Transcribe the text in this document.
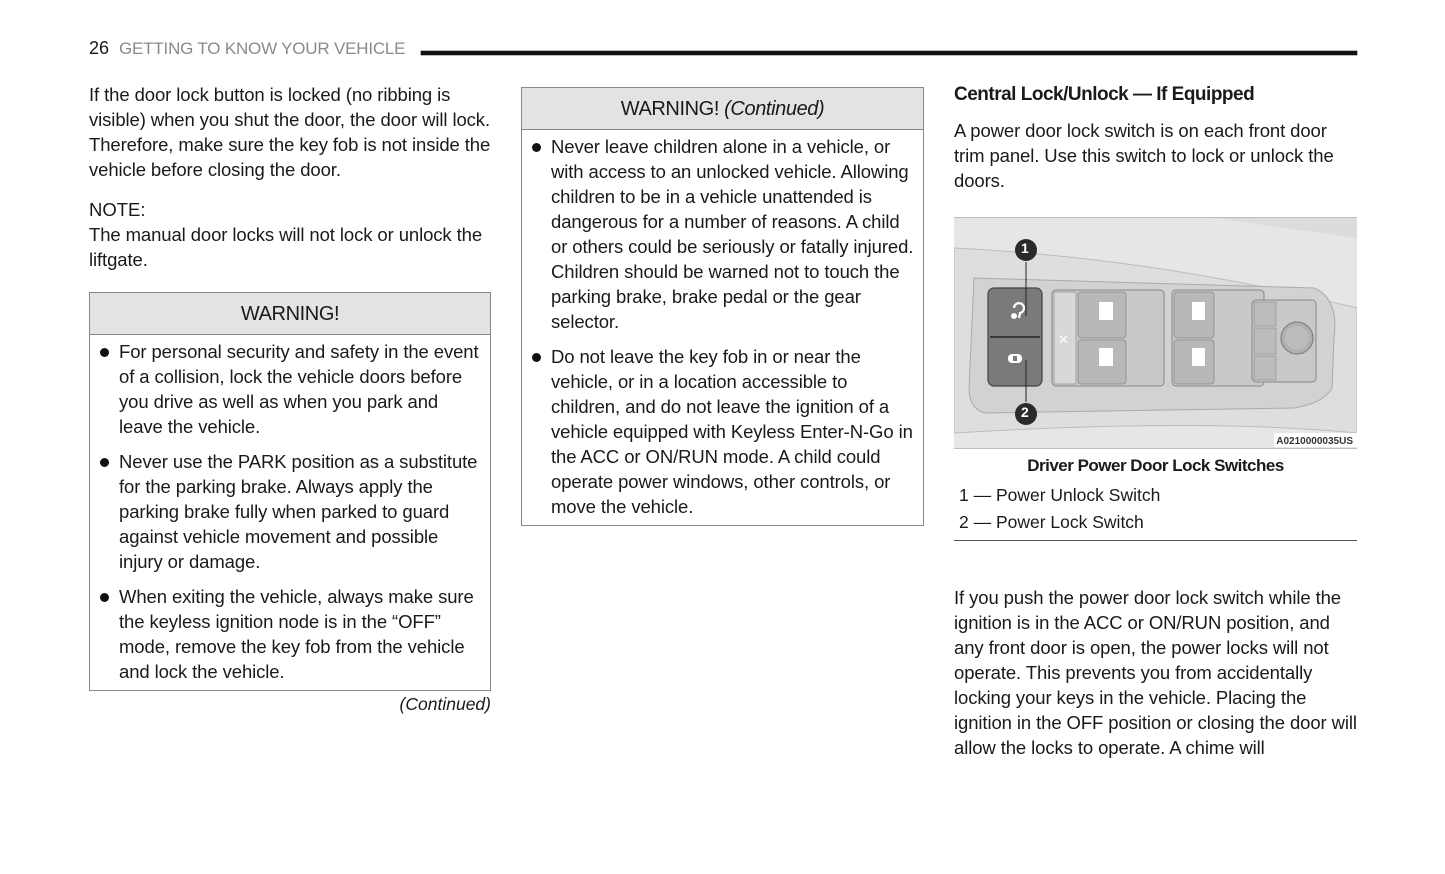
26 GETTING TO KNOW YOUR VEHICLE

If the door lock button is locked (no ribbing is visible) when you shut the door, the door will lock. Therefore, make sure the key fob is not inside the vehicle before closing the door.

NOTE:

The manual door locks will not lock or unlock the liftgate.

WARNING!
For personal security and safety in the event of a collision, lock the vehicle doors before you drive as well as when you park and leave the vehicle.
Never use the PARK position as a substitute for the parking brake. Always apply the parking brake fully when parked to guard against vehicle movement and possible injury or damage.
When exiting the vehicle, always make sure the keyless ignition node is in the “OFF” mode, remove the key fob from the vehicle and lock the vehicle.
(Continued)
WARNING! (Continued)
Never leave children alone in a vehicle, or with access to an unlocked vehicle. Allowing children to be in a vehicle unattended is dangerous for a number of reasons. A child or others could be seriously or fatally injured. Children should be warned not to touch the parking brake, brake pedal or the gear selector.
Do not leave the key fob in or near the vehicle, or in a location accessible to children, and do not leave the ignition of a vehicle equipped with Keyless Enter-N-Go in the ACC or ON/RUN mode. A child could operate power windows, other controls, or move the vehicle.
Central Lock/Unlock — If Equipped

A power door lock switch is on each front door trim panel. Use this switch to lock or unlock the doors.

✕
1
2
A0210000035US
Driver Power Door Lock Switches
1 — Power Unlock Switch
2 — Power Lock Switch

If you push the power door lock switch while the ignition is in the ACC or ON/RUN position, and any front door is open, the power locks will not operate. This prevents you from accidentally locking your keys in the vehicle. Placing the ignition in the OFF position or closing the door will allow the locks to operate. A chime will
